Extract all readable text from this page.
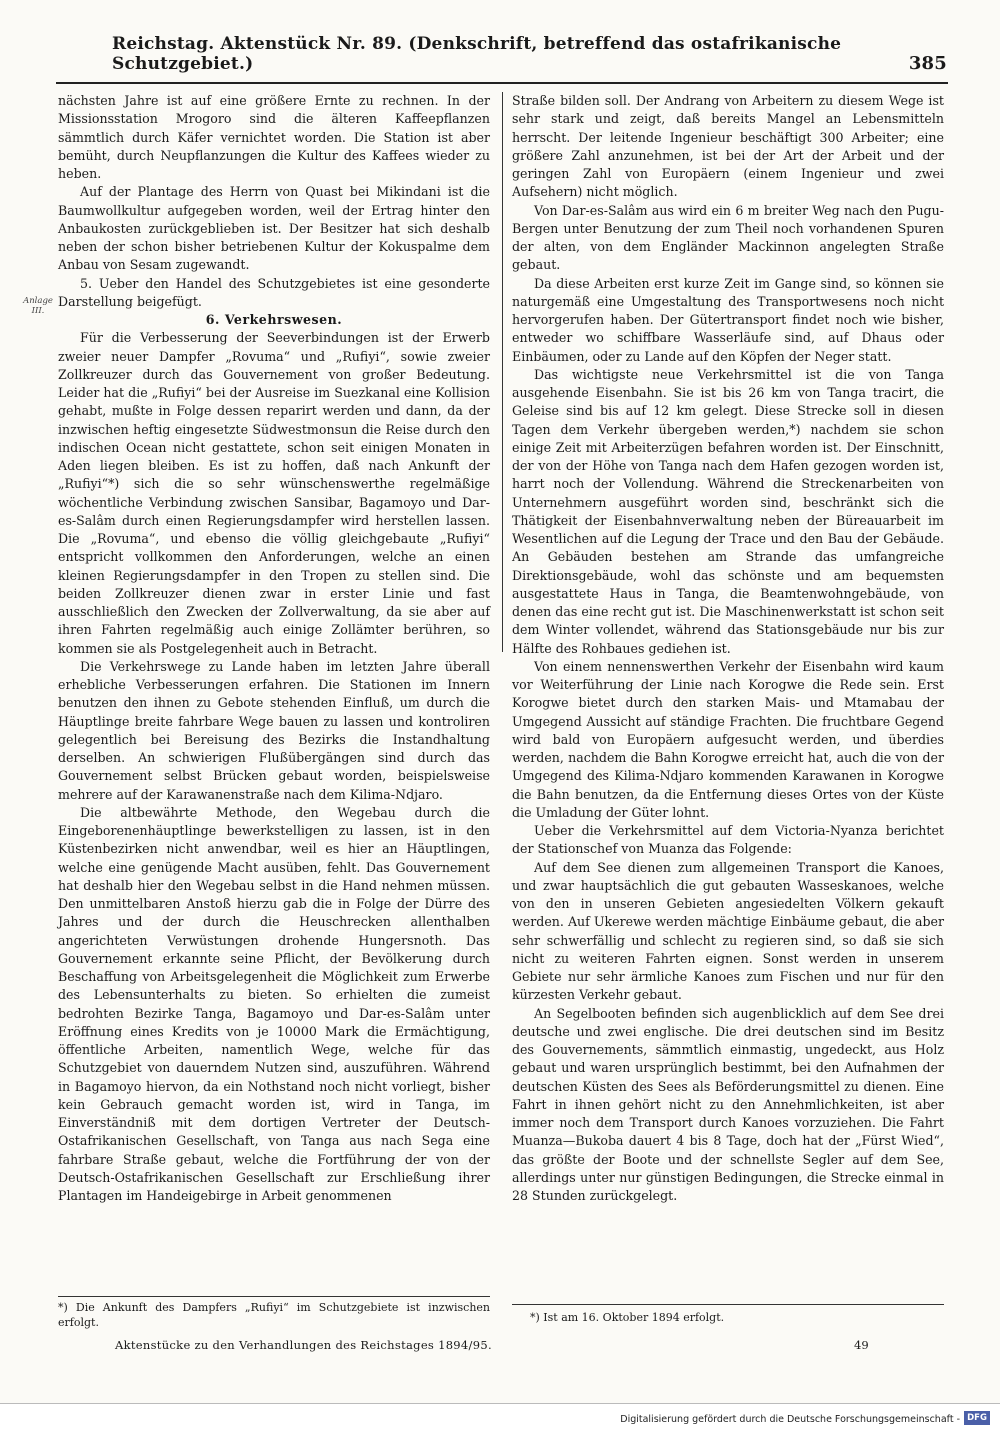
Reichstag. Aktenstück Nr. 89. (Denkschrift, betreffend das ostafrikanische Schutzgebiet.)	385
Anlage III.

nächsten Jahre ist auf eine größere Ernte zu rechnen. In der Missionsstation Mrogoro sind die älteren Kaffeepflanzen sämmtlich durch Käfer vernichtet worden. Die Station ist aber bemüht, durch Neupflanzungen die Kultur des Kaffees wieder zu heben.

Auf der Plantage des Herrn von Quast bei Mikindani ist die Baumwollkultur aufgegeben worden, weil der Ertrag hinter den Anbaukosten zurückgeblieben ist. Der Besitzer hat sich deshalb neben der schon bisher betriebenen Kultur der Kokuspalme dem Anbau von Sesam zugewandt.

5. Ueber den Handel des Schutzgebietes ist eine gesonderte Darstellung beigefügt.

6. Verkehrswesen.

Für die Verbesserung der Seeverbindungen ist der Erwerb zweier neuer Dampfer „Rovuma“ und „Rufiyi“, sowie zweier Zollkreuzer durch das Gouvernement von großer Bedeutung. Leider hat die „Rufiyi“ bei der Ausreise im Suezkanal eine Kollision gehabt, mußte in Folge dessen reparirt werden und dann, da der inzwischen heftig eingesetzte Südwestmonsun die Reise durch den indischen Ocean nicht gestattete, schon seit einigen Monaten in Aden liegen bleiben. Es ist zu hoffen, daß nach Ankunft der „Rufiyi“*) sich die so sehr wünschenswerthe regelmäßige wöchentliche Verbindung zwischen Sansibar, Bagamoyo und Dar-es-Salâm durch einen Regierungsdampfer wird herstellen lassen. Die „Rovuma“, und ebenso die völlig gleichgebaute „Rufiyi“ entspricht vollkommen den Anforderungen, welche an einen kleinen Regierungsdampfer in den Tropen zu stellen sind. Die beiden Zollkreuzer dienen zwar in erster Linie und fast ausschließlich den Zwecken der Zollverwaltung, da sie aber auf ihren Fahrten regelmäßig auch einige Zollämter berühren, so kommen sie als Postgelegenheit auch in Betracht.

Die Verkehrswege zu Lande haben im letzten Jahre überall erhebliche Verbesserungen erfahren. Die Stationen im Innern benutzen den ihnen zu Gebote stehenden Einfluß, um durch die Häuptlinge breite fahrbare Wege bauen zu lassen und kontroliren gelegentlich bei Bereisung des Bezirks die Instandhaltung derselben. An schwierigen Flußübergängen sind durch das Gouvernement selbst Brücken gebaut worden, beispielsweise mehrere auf der Karawanenstraße nach dem Kilima-Ndjaro.

Die altbewährte Methode, den Wegebau durch die Eingeborenenhäuptlinge bewerkstelligen zu lassen, ist in den Küstenbezirken nicht anwendbar, weil es hier an Häuptlingen, welche eine genügende Macht ausüben, fehlt. Das Gouvernement hat deshalb hier den Wegebau selbst in die Hand nehmen müssen. Den unmittelbaren Anstoß hierzu gab die in Folge der Dürre des Jahres und der durch die Heuschrecken allenthalben angerichteten Verwüstungen drohende Hungersnoth. Das Gouvernement erkannte seine Pflicht, der Bevölkerung durch Beschaffung von Arbeitsgelegenheit die Möglichkeit zum Erwerbe des Lebensunterhalts zu bieten. So erhielten die zumeist bedrohten Bezirke Tanga, Bagamoyo und Dar-es-Salâm unter Eröffnung eines Kredits von je 10000 Mark die Ermächtigung, öffentliche Arbeiten, namentlich Wege, welche für das Schutzgebiet von dauerndem Nutzen sind, auszuführen. Während in Bagamoyo hiervon, da ein Nothstand noch nicht vorliegt, bisher kein Gebrauch gemacht worden ist, wird in Tanga, im Einverständniß mit dem dortigen Vertreter der Deutsch-Ostafrikanischen Gesellschaft, von Tanga aus nach Sega eine fahrbare Straße gebaut, welche die Fortführung der von der Deutsch-Ostafrikanischen Gesellschaft zur Erschließung ihrer Plantagen im Handeigebirge in Arbeit genommenen

Straße bilden soll. Der Andrang von Arbeitern zu diesem Wege ist sehr stark und zeigt, daß bereits Mangel an Lebensmitteln herrscht. Der leitende Ingenieur beschäftigt 300 Arbeiter; eine größere Zahl anzunehmen, ist bei der Art der Arbeit und der geringen Zahl von Europäern (einem Ingenieur und zwei Aufsehern) nicht möglich.

Von Dar-es-Salâm aus wird ein 6 m breiter Weg nach den Pugu-Bergen unter Benutzung der zum Theil noch vorhandenen Spuren der alten, von dem Engländer Mackinnon angelegten Straße gebaut.

Da diese Arbeiten erst kurze Zeit im Gange sind, so können sie naturgemäß eine Umgestaltung des Transportwesens noch nicht hervorgerufen haben. Der Gütertransport findet noch wie bisher, entweder wo schiffbare Wasserläufe sind, auf Dhaus oder Einbäumen, oder zu Lande auf den Köpfen der Neger statt.

Das wichtigste neue Verkehrsmittel ist die von Tanga ausgehende Eisenbahn. Sie ist bis 26 km von Tanga tracirt, die Geleise sind bis auf 12 km gelegt. Diese Strecke soll in diesen Tagen dem Verkehr übergeben werden,*) nachdem sie schon einige Zeit mit Arbeiterzügen befahren worden ist. Der Einschnitt, der von der Höhe von Tanga nach dem Hafen gezogen worden ist, harrt noch der Vollendung. Während die Streckenarbeiten von Unternehmern ausgeführt worden sind, beschränkt sich die Thätigkeit der Eisenbahnverwaltung neben der Büreauarbeit im Wesentlichen auf die Legung der Trace und den Bau der Gebäude. An Gebäuden bestehen am Strande das umfangreiche Direktionsgebäude, wohl das schönste und am bequemsten ausgestattete Haus in Tanga, die Beamtenwohngebäude, von denen das eine recht gut ist. Die Maschinenwerkstatt ist schon seit dem Winter vollendet, während das Stationsgebäude nur bis zur Hälfte des Rohbaues gediehen ist.

Von einem nennenswerthen Verkehr der Eisenbahn wird kaum vor Weiterführung der Linie nach Korogwe die Rede sein. Erst Korogwe bietet durch den starken Mais- und Mtamabau der Umgegend Aussicht auf ständige Frachten. Die fruchtbare Gegend wird bald von Europäern aufgesucht werden, und überdies werden, nachdem die Bahn Korogwe erreicht hat, auch die von der Umgegend des Kilima-Ndjaro kommenden Karawanen in Korogwe die Bahn benutzen, da die Entfernung dieses Ortes von der Küste die Umladung der Güter lohnt.

Ueber die Verkehrsmittel auf dem Victoria-Nyanza berichtet der Stationschef von Muanza das Folgende:

Auf dem See dienen zum allgemeinen Transport die Kanoes, und zwar hauptsächlich die gut gebauten Wasseskanoes, welche von den in unseren Gebieten angesiedelten Völkern gekauft werden. Auf Ukerewe werden mächtige Einbäume gebaut, die aber sehr schwerfällig und schlecht zu regieren sind, so daß sie sich nicht zu weiteren Fahrten eignen. Sonst werden in unserem Gebiete nur sehr ärmliche Kanoes zum Fischen und nur für den kürzesten Verkehr gebaut.

An Segelbooten befinden sich augenblicklich auf dem See drei deutsche und zwei englische. Die drei deutschen sind im Besitz des Gouvernements, sämmtlich einmastig, ungedeckt, aus Holz gebaut und waren ursprünglich bestimmt, bei den Aufnahmen der deutschen Küsten des Sees als Beförderungsmittel zu dienen. Eine Fahrt in ihnen gehört nicht zu den Annehmlichkeiten, ist aber immer noch dem Transport durch Kanoes vorzuziehen. Die Fahrt Muanza—Bukoba dauert 4 bis 8 Tage, doch hat der „Fürst Wied“, das größte der Boote und der schnellste Segler auf dem See, allerdings unter nur günstigen Bedingungen, die Strecke einmal in 28 Stunden zurückgelegt.

*) Die Ankunft des Dampfers „Rufiyi“ im Schutzgebiete ist inzwischen erfolgt.	*) Ist am 16. Oktober 1894 erfolgt.
Aktenstücke zu den Verhandlungen des Reichstages 1894/95.	49
Digitalisierung gefördert durch die Deutsche Forschungsgemeinschaft - DFG
